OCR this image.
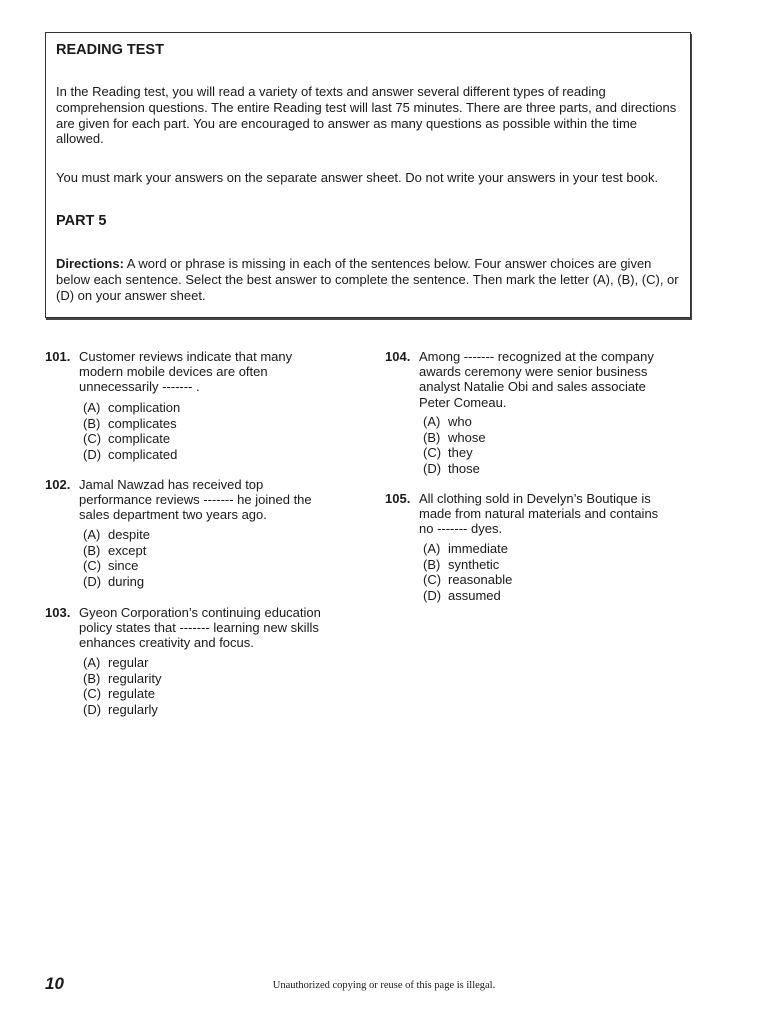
READING TEST
In the Reading test, you will read a variety of texts and answer several different types of reading comprehension questions. The entire Reading test will last 75 minutes. There are three parts, and directions are given for each part. You are encouraged to answer as many questions as possible within the time allowed.
You must mark your answers on the separate answer sheet. Do not write your answers in your test book.
PART 5
Directions: A word or phrase is missing in each of the sentences below. Four answer choices are given below each sentence. Select the best answer to complete the sentence. Then mark the letter (A), (B), (C), or (D) on your answer sheet.
101. Customer reviews indicate that many modern mobile devices are often unnecessarily ------- .
(A) complication
(B) complicates
(C) complicate
(D) complicated
102. Jamal Nawzad has received top performance reviews ------- he joined the sales department two years ago.
(A) despite
(B) except
(C) since
(D) during
103. Gyeon Corporation’s continuing education policy states that ------- learning new skills enhances creativity and focus.
(A) regular
(B) regularity
(C) regulate
(D) regularly
104. Among ------- recognized at the company awards ceremony were senior business analyst Natalie Obi and sales associate Peter Comeau.
(A) who
(B) whose
(C) they
(D) those
105. All clothing sold in Develyn’s Boutique is made from natural materials and contains no ------- dyes.
(A) immediate
(B) synthetic
(C) reasonable
(D) assumed
10	Unauthorized copying or reuse of this page is illegal.
